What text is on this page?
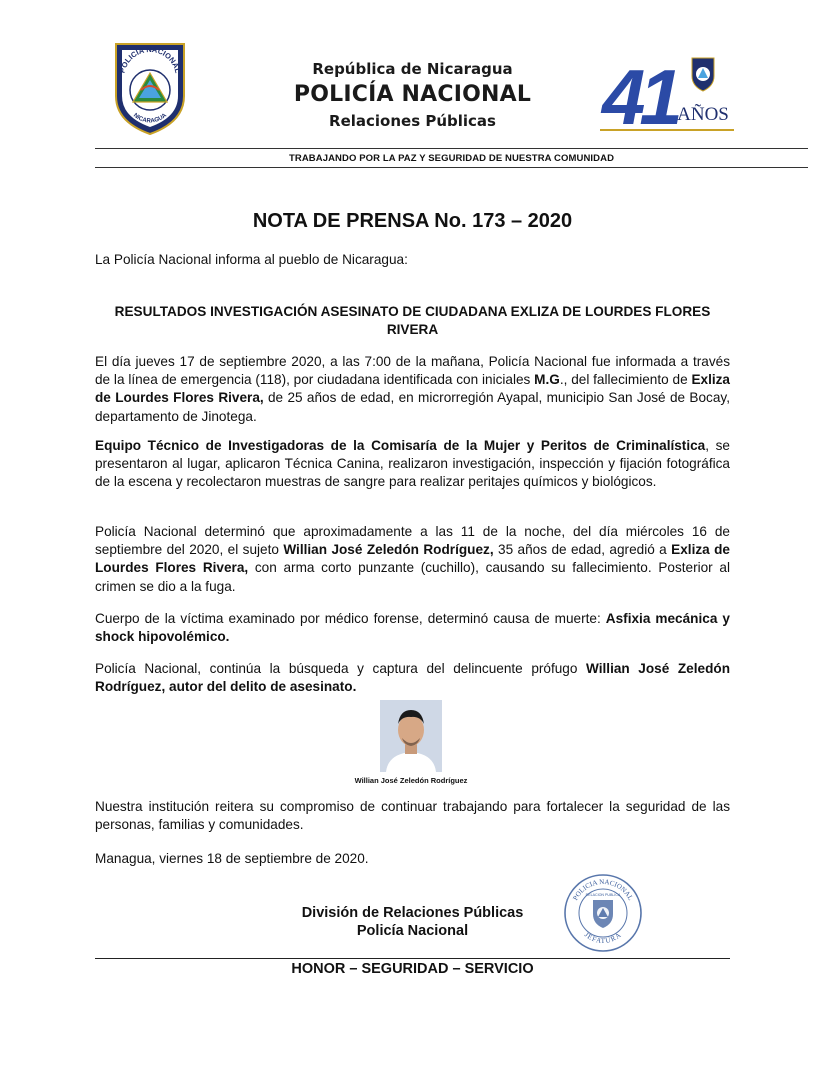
POLICIA NACIONAL
NICARAGUA
República de Nicaragua
POLICÍA NACIONAL
Relaciones Públicas	41 AÑOS
TRABAJANDO POR LA PAZ Y SEGURIDAD DE NUESTRA COMUNIDAD
NOTA DE PRENSA No. 173 – 2020
La Policía Nacional informa al pueblo de Nicaragua:
RESULTADOS INVESTIGACIÓN ASESINATO DE CIUDADANA EXLIZA DE LOURDES FLORES RIVERA
El día jueves 17 de septiembre 2020, a las 7:00 de la mañana, Policía Nacional fue informada a través de la línea de emergencia (118), por ciudadana identificada con iniciales M.G., del fallecimiento de Exliza de Lourdes Flores Rivera, de 25 años de edad, en microrregión Ayapal, municipio San José de Bocay, departamento de Jinotega.
Equipo Técnico de Investigadoras de la Comisaría de la Mujer y Peritos de Criminalística, se presentaron al lugar, aplicaron Técnica Canina, realizaron investigación, inspección y fijación fotográfica de la escena y recolectaron muestras de sangre para realizar peritajes químicos y biológicos.
Policía Nacional determinó que aproximadamente a las 11 de la noche, del día miércoles 16 de septiembre del 2020, el sujeto Willian José Zeledón Rodríguez, 35 años de edad, agredió a Exliza de Lourdes Flores Rivera, con arma corto punzante (cuchillo), causando su fallecimiento. Posterior al crimen se dio a la fuga.
Cuerpo de la víctima examinado por médico forense, determinó causa de muerte: Asfixia mecánica y shock hipovolémico.
Policía Nacional, continúa la búsqueda y captura del delincuente prófugo Willian José Zeledón Rodríguez, autor del delito de asesinato.
Willian José Zeledón Rodríguez
Nuestra institución reitera su compromiso de continuar trabajando para fortalecer la seguridad de las personas, familias y comunidades.
Managua, viernes 18 de septiembre de 2020.
División de Relaciones Públicas
Policía Nacional
POLICIA NACIONAL
JEFATURA
RELACION PUBLICA
HONOR – SEGURIDAD – SERVICIO
